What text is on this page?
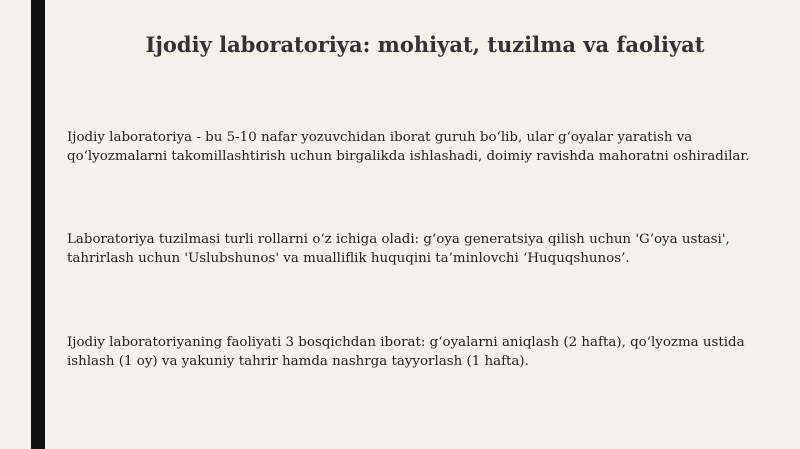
Ijodiy laboratoriya: mohiyat, tuzilma va faoliyat

Ijodiy laboratoriya - bu 5-10 nafar yozuvchidan iborat guruh bo‘lib, ular g‘oyalar yaratish va qo‘lyozmalarni takomillashtirish uchun birgalikda ishlashadi, doimiy ravishda mahoratni oshiradilar.

Laboratoriya tuzilmasi turli rollarni o‘z ichiga oladi: g‘oya generatsiya qilish uchun 'G‘oya ustasi', tahrirlash uchun 'Uslubshunos' va mualliflik huquqini ta’minlovchi ‘Huquqshunos’.

Ijodiy laboratoriyaning faoliyati 3 bosqichdan iborat: g‘oyalarni aniqlash (2 hafta), qo‘lyozma ustida ishlash (1 oy) va yakuniy tahrir hamda nashrga tayyorlash (1 hafta).
